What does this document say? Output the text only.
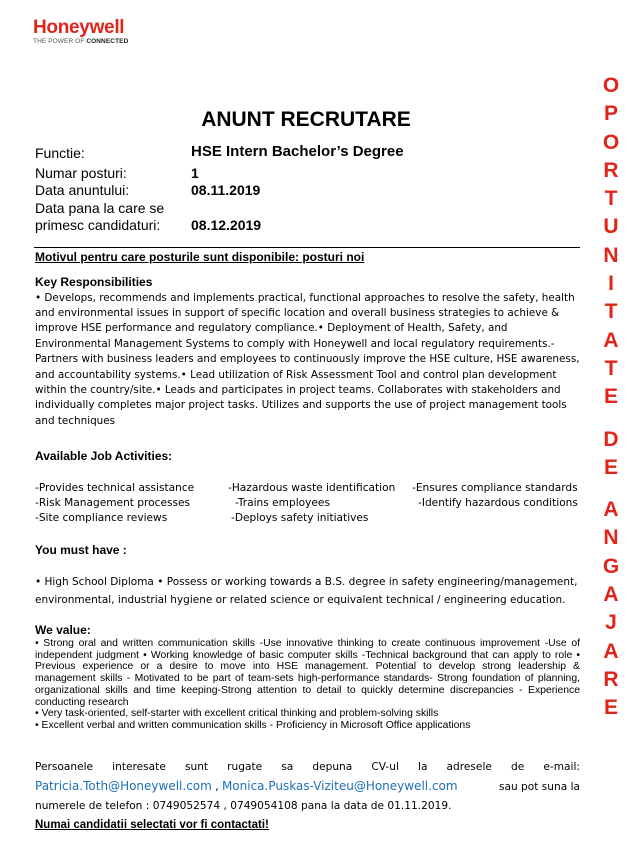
Honeywell
THE POWER OF CONNECTED
O
P
O
R
T
U
N
I
T
A
T
E
D
E
A
N
G
A
J
A
R
E
ANUNT RECRUTARE
Functie:	HSE Intern Bachelor’s Degree
Numar posturi:	1
Data anuntului:	08.11.2019
Data pana la care se
primesc candidaturi: 08.12.2019
Motivul pentru care posturile sunt disponibile: posturi noi
Key Responsibilities
• Develops, recommends and implements practical, functional approaches to resolve the safety, health and environmental issues in support of specific location and overall business strategies to achieve & improve HSE performance and regulatory compliance.• Deployment of Health, Safety, and Environmental Management Systems to comply with Honeywell and local regulatory requirements.- Partners with business leaders and employees to continuously improve the HSE culture, HSE awareness, and accountability systems.• Lead utilization of Risk Assessment Tool and control plan development within the country/site.• Leads and participates in project teams. Collaborates with stakeholders and individually completes major project tasks. Utilizes and supports the use of project management tools and techniques
Available Job Activities:
-Provides technical assistance	-Hazardous waste identification -Ensures compliance standards
-Risk Management processes	-Trains employees	-Identify hazardous conditions
-Site compliance reviews	-Deploys safety initiatives
You must have :
• High School Diploma • Possess or working towards a B.S. degree in safety engineering/management, environmental, industrial hygiene or related science or equivalent technical / engineering education.
We value:
• Strong oral and written communication skills -Use innovative thinking to create continuous improvement -Use of independent judgment • Working knowledge of basic computer skills -Technical background that can apply to role • Previous experience or a desire to move into HSE management. Potential to develop strong leadership & management skills - Motivated to be part of team-sets high-performance standards- Strong foundation of planning, organizational skills and time keeping-Strong attention to detail to quickly determine discrepancies - Experience conducting research
• Very task-oriented, self-starter with excellent critical thinking and problem-solving skills
• Excellent verbal and written communication skills - Proficiency in Microsoft Office applications
Persoanele interesate sunt rugate sa depuna CV-ul la adresele de e-mail:
Patricia.Toth@Honeywell.com , Monica.Puskas-Viziteu@Honeywell.com	sau pot suna la
numerele de telefon : 0749052574 , 0749054108 pana la data de 01.11.2019.
Numai candidatii selectati vor fi contactati!
